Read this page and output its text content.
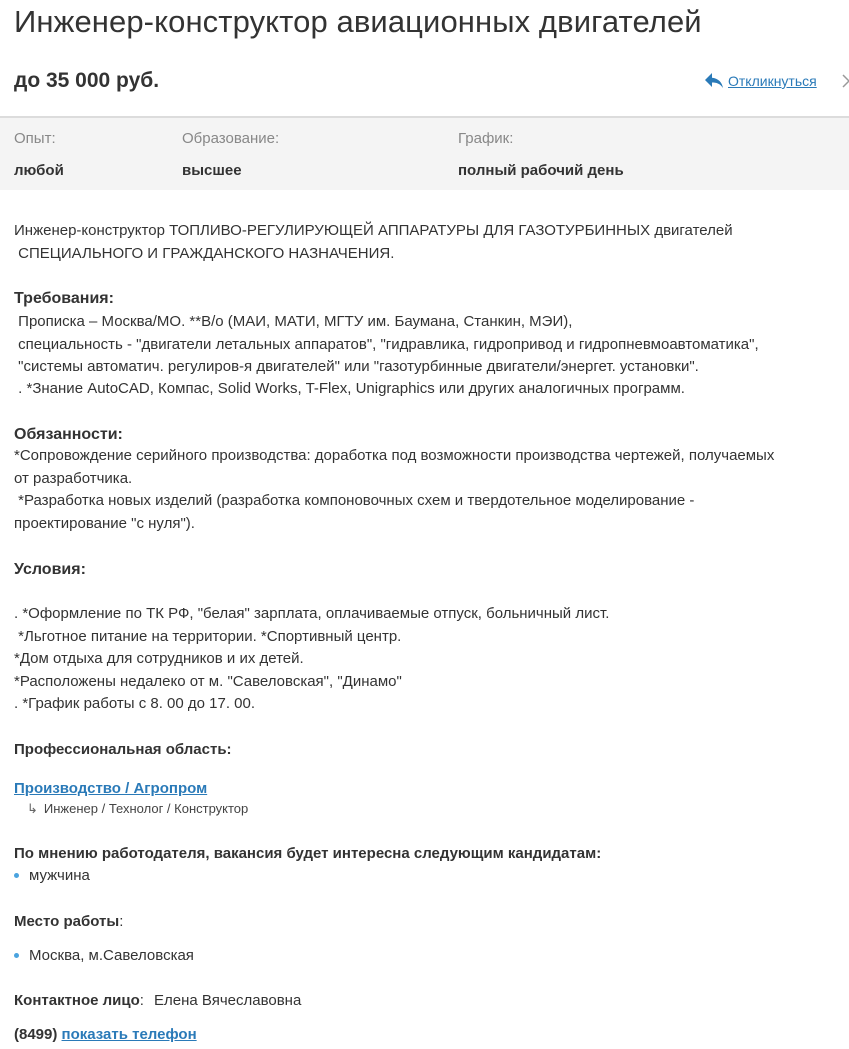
Инженер-конструктор авиационных двигателей
до 35 000 руб.	Откликнуться
Опыт:
любой
Образование:
высшее
График:
полный рабочий день
Инженер-конструктор ТОПЛИВО-РЕГУЛИРУЮЩЕЙ АППАРАТУРЫ ДЛЯ ГАЗОТУРБИННЫХ двигателей
СПЕЦИАЛЬНОГО И ГРАЖДАНСКОГО НАЗНАЧЕНИЯ.
Требования:
Прописка – Москва/МО. **В/о (МАИ, МАТИ, МГТУ им. Баумана, Станкин, МЭИ),
специальность - "двигатели летальных аппаратов", "гидравлика, гидропривод и гидропневмоавтоматика",
"системы автоматич. регулиров-я двигателей" или "газотурбинные двигатели/энергет. установки".
. *Знание AutoCAD, Компас, Solid Works, T-Flex, Unigraphics или других аналогичных программ.
Обязанности:
*Сопровождение серийного производства: доработка под возможности производства чертежей, получаемых
от разработчика.
*Разработка новых изделий (разработка компоновочных схем и твердотельное моделирование -
проектирование "с нуля").
Условия:
. *Оформление по ТК РФ, "белая" зарплата, оплачиваемые отпуск, больничный лист.
*Льготное питание на территории. *Спортивный центр.
*Дом отдыха для сотрудников и их детей.
*Расположены недалеко от м. "Савеловская", "Динамо"
. *График работы с 8. 00 до 17. 00.
Профессиональная область:
Производство / Агропром
↳ Инженер / Технолог / Конструктор
По мнению работодателя, вакансия будет интересна следующим кандидатам:
мужчина
Место работы:
Москва, м.Савеловская
Контактное лицо: Елена Вячеславовна
(8499) показать телефон
